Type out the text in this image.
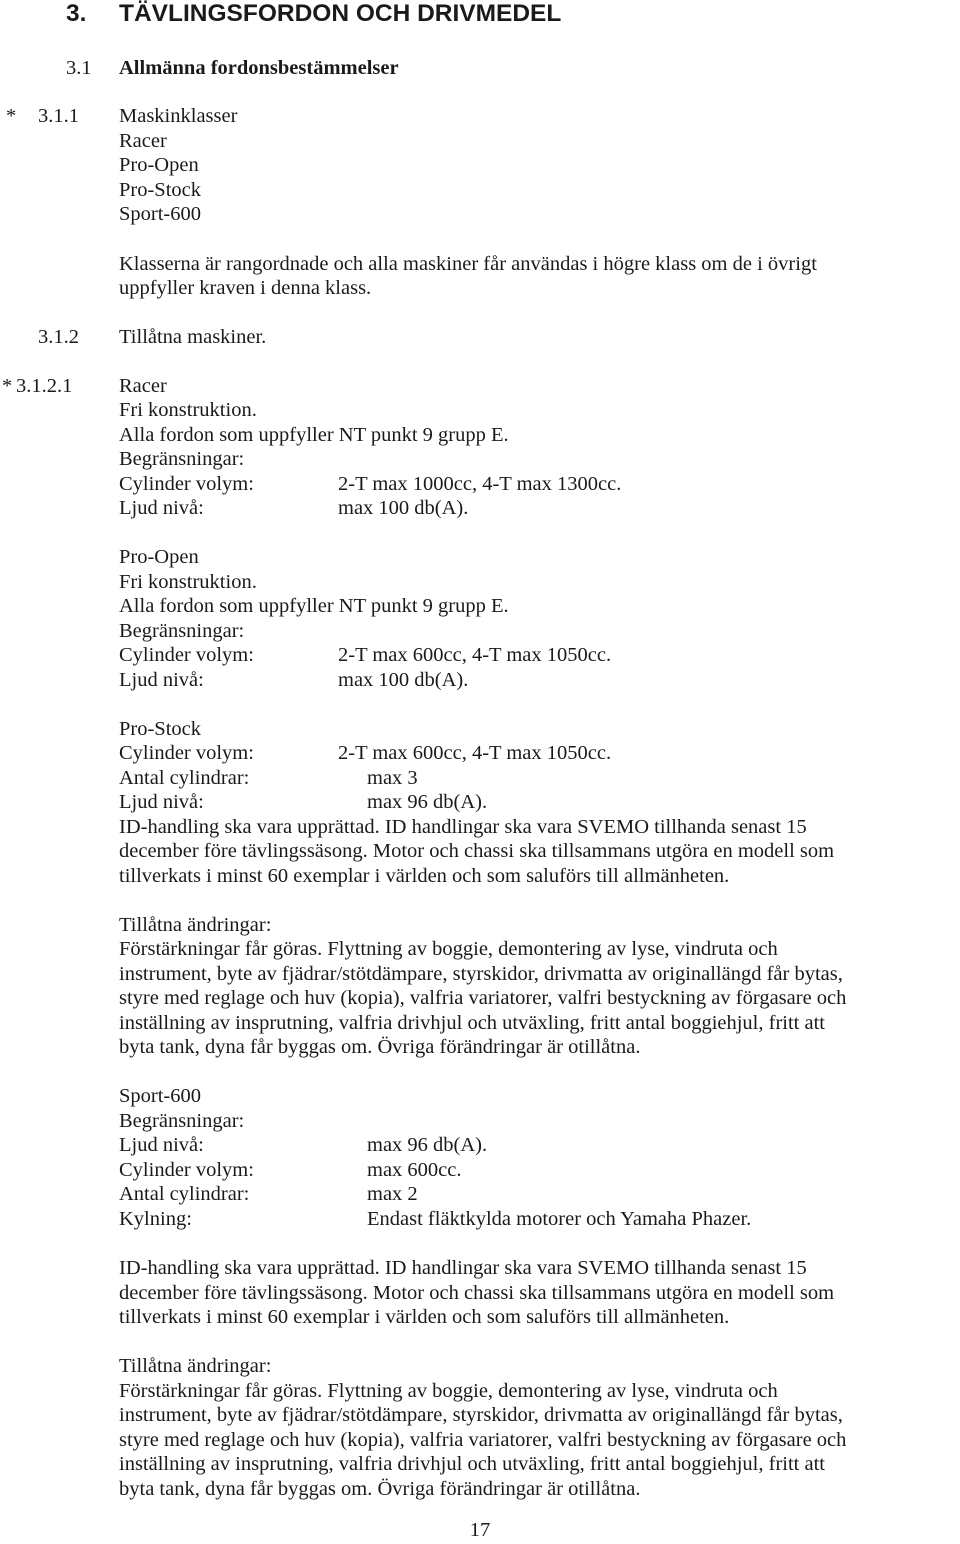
3. TÄVLINGSFORDON OCH DRIVMEDEL
3.1 Allmänna fordonsbestämmelser
* 3.1.1 Maskinklasser
Racer
Pro-Open
Pro-Stock
Sport-600
Klasserna är rangordnade och alla maskiner får användas i högre klass om de i övrigt
uppfyller kraven i denna klass.
3.1.2 Tillåtna maskiner.
* 3.1.2.1 Racer
Fri konstruktion.
Alla fordon som uppfyller NT punkt 9 grupp E.
Begränsningar:
Cylinder volym:	2-T max 1000cc, 4-T max 1300cc.
Ljud nivå:	max 100 db(A).
Pro-Open
Fri konstruktion.
Alla fordon som uppfyller NT punkt 9 grupp E.
Begränsningar:
Cylinder volym:	2-T max 600cc, 4-T max 1050cc.
Ljud nivå:	max 100 db(A).
Pro-Stock
Cylinder volym:	2-T max 600cc, 4-T max 1050cc.
Antal cylindrar:	max 3
Ljud nivå:	max 96 db(A).
ID-handling ska vara upprättad. ID handlingar ska vara SVEMO tillhanda senast 15
december före tävlingssäsong. Motor och chassi ska tillsammans utgöra en modell som
tillverkats i minst 60 exemplar i världen och som saluförs till allmänheten.
Tillåtna ändringar:
Förstärkningar får göras. Flyttning av boggie, demontering av lyse, vindruta och
instrument, byte av fjädrar/stötdämpare, styrskidor, drivmatta av originallängd får bytas,
styre med reglage och huv (kopia), valfria variatorer, valfri bestyckning av förgasare och
inställning av insprutning, valfria drivhjul och utväxling, fritt antal boggiehjul, fritt att
byta tank, dyna får byggas om. Övriga förändringar är otillåtna.
Sport-600
Begränsningar:
Ljud nivå:	max 96 db(A).
Cylinder volym:	max 600cc.
Antal cylindrar:	max 2
Kylning:	Endast fläktkylda motorer och Yamaha Phazer.
ID-handling ska vara upprättad. ID handlingar ska vara SVEMO tillhanda senast 15
december före tävlingssäsong. Motor och chassi ska tillsammans utgöra en modell som
tillverkats i minst 60 exemplar i världen och som saluförs till allmänheten.
Tillåtna ändringar:
Förstärkningar får göras. Flyttning av boggie, demontering av lyse, vindruta och
instrument, byte av fjädrar/stötdämpare, styrskidor, drivmatta av originallängd får bytas,
styre med reglage och huv (kopia), valfria variatorer, valfri bestyckning av förgasare och
inställning av insprutning, valfria drivhjul och utväxling, fritt antal boggiehjul, fritt att
byta tank, dyna får byggas om. Övriga förändringar är otillåtna.
17
